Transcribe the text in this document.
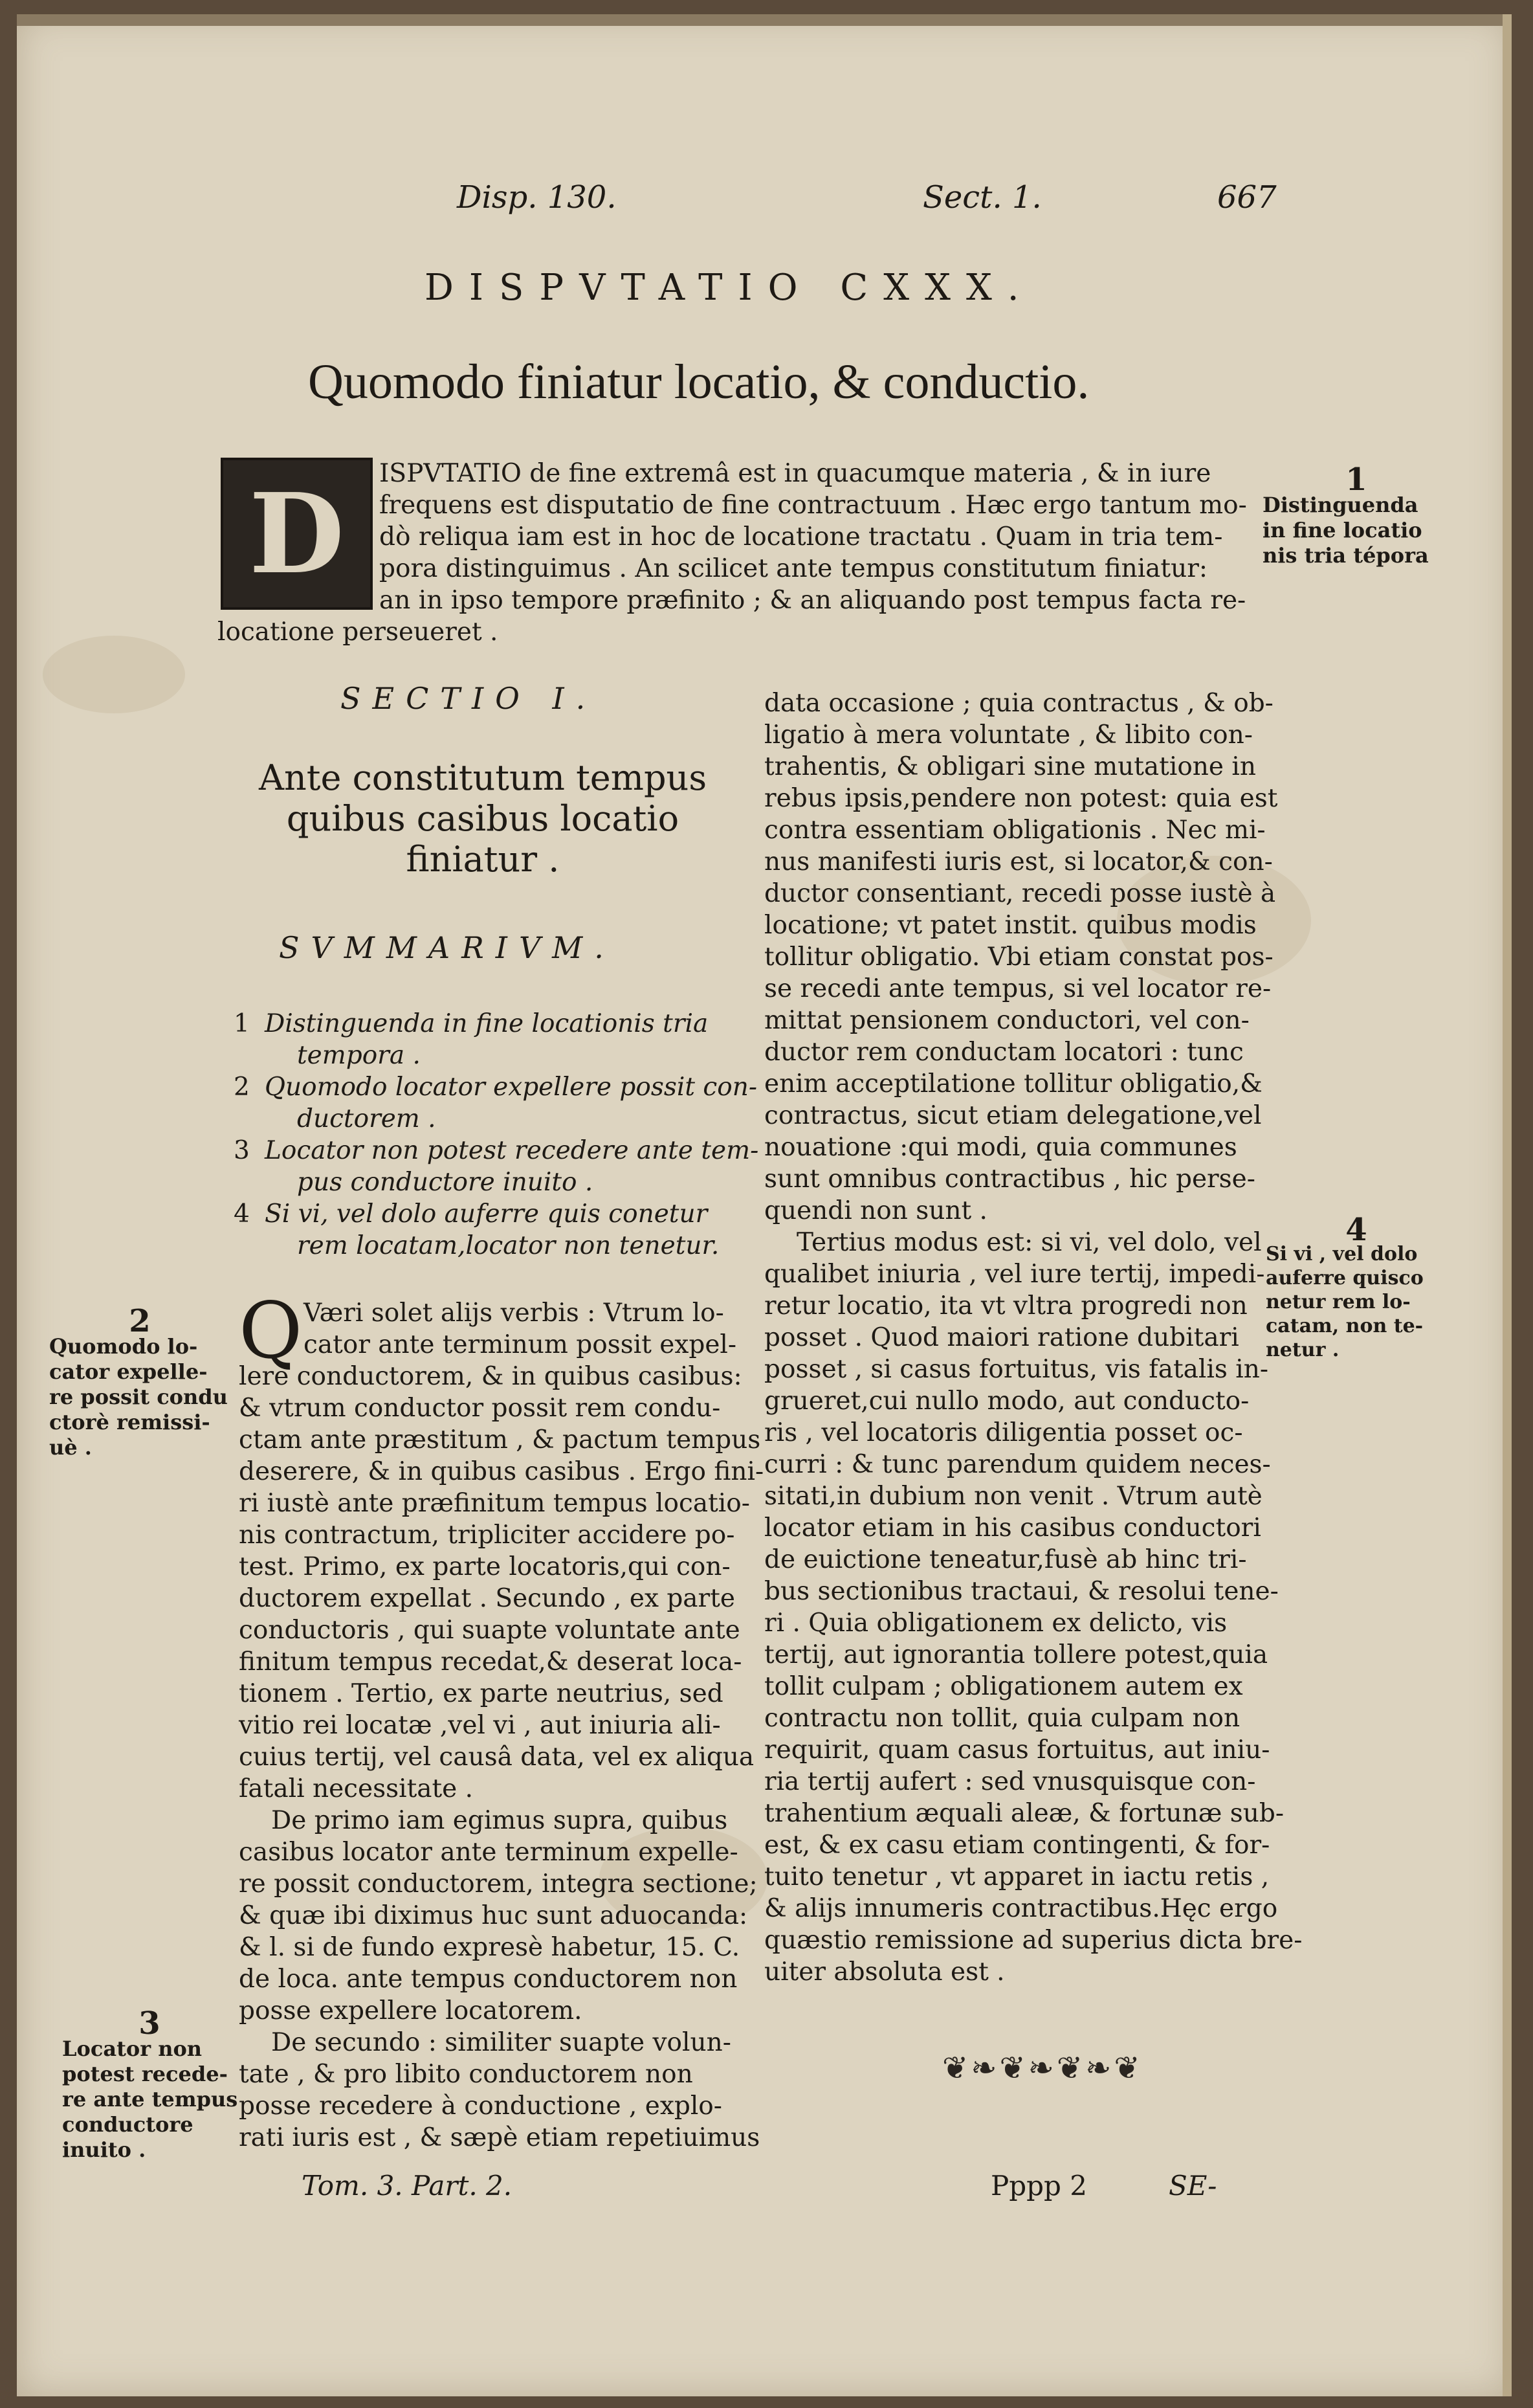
Disp. 130.	Sect. 1.	667
DISPVTATIO CXXX.
Quomodo finiatur locatio, & conductio.
D	ISPVTATIO de fine extremâ est in quacumque materia , & in iure
frequens est disputatio de fine contractuum . Hæc ergo tantum mo-
dò reliqua iam est in hoc de locatione tractatu . Quam in tria tem-
pora distinguimus . An scilicet ante tempus constitutum finiatur:
an in ipso tempore præfinito ; & an aliquando post tempus facta re-
locatione perseueret .
1
Distinguenda
in fine locatio
nis tria tépora
SECTIO I.
Ante constitutum tempus
quibus casibus locatio
finiatur .
SVMMARIVM.
1 Distinguenda in fine locationis tria
tempora .
2 Quomodo locator expellere possit con-
ductorem .
3 Locator non potest recedere ante tem-
pus conductore inuito .
4 Si vi, vel dolo auferre quis conetur
rem locatam,locator non tenetur.
Q Væri solet alijs verbis : Vtrum lo-
cator ante terminum possit expel-
lere conductorem, & in quibus casibus:
& vtrum conductor possit rem condu-
ctam ante præstitum , & pactum tempus
deserere, & in quibus casibus . Ergo fini-
ri iustè ante præfinitum tempus locatio-
nis contractum, tripliciter accidere po-
test. Primo, ex parte locatoris,qui con-
ductorem expellat . Secundo , ex parte
conductoris , qui suapte voluntate ante
finitum tempus recedat,& deserat loca-
tionem . Tertio, ex parte neutrius, sed
vitio rei locatæ ,vel vi , aut iniuria ali-
cuius tertij, vel causâ data, vel ex aliqua
fatali necessitate .
De primo iam egimus supra, quibus
casibus locator ante terminum expelle-
re possit conductorem, integra sectione;
& quæ ibi diximus huc sunt aduocanda:
& l. si de fundo expresè habetur, 15. C.
de loca. ante tempus conductorem non
posse expellere locatorem.
De secundo : similiter suapte volun-
tate , & pro libito conductorem non
posse recedere à conductione , explo-
rati iuris est , & sæpè etiam repetiuimus
data occasione ; quia contractus , & ob-
ligatio à mera voluntate , & libito con-
trahentis, & obligari sine mutatione in
rebus ipsis,pendere non potest: quia est
contra essentiam obligationis . Nec mi-
nus manifesti iuris est, si locator,& con-
ductor consentiant, recedi posse iustè à
locatione; vt patet instit. quibus modis
tollitur obligatio. Vbi etiam constat pos-
se recedi ante tempus, si vel locator re-
mittat pensionem conductori, vel con-
ductor rem conductam locatori : tunc
enim acceptilatione tollitur obligatio,&
contractus, sicut etiam delegatione,vel
nouatione :qui modi, quia communes
sunt omnibus contractibus , hic perse-
quendi non sunt .
Tertius modus est: si vi, vel dolo, vel
qualibet iniuria , vel iure tertij, impedi-
retur locatio, ita vt vltra progredi non
posset . Quod maiori ratione dubitari
posset , si casus fortuitus, vis fatalis in-
grueret,cui nullo modo, aut conducto-
ris , vel locatoris diligentia posset oc-
curri : & tunc parendum quidem neces-
sitati,in dubium non venit . Vtrum autè
locator etiam in his casibus conductori
de euictione teneatur,fusè ab hinc tri-
bus sectionibus tractaui, & resolui tene-
ri . Quia obligationem ex delicto, vis
tertij, aut ignorantia tollere potest,quia
tollit culpam ; obligationem autem ex
contractu non tollit, quia culpam non
requirit, quam casus fortuitus, aut iniu-
ria tertij aufert : sed vnusquisque con-
trahentium æquali aleæ, & fortunæ sub-
est, & ex casu etiam contingenti, & for-
tuito tenetur , vt apparet in iactu retis ,
& alijs innumeris contractibus.Hęc ergo
quæstio remissione ad superius dicta bre-
uiter absoluta est .
2
Quomodo lo-
cator expelle-
re possit condu
ctorè remissi-
uè .
3
Locator non
potest recede-
re ante tempus
conductore
inuito .
4
Si vi , vel dolo
auferre quisco
netur rem lo-
catam, non te-
netur .
❦❧❦❧❦❧❦
Tom. 3. Part. 2.	Pppp 2	SE-
